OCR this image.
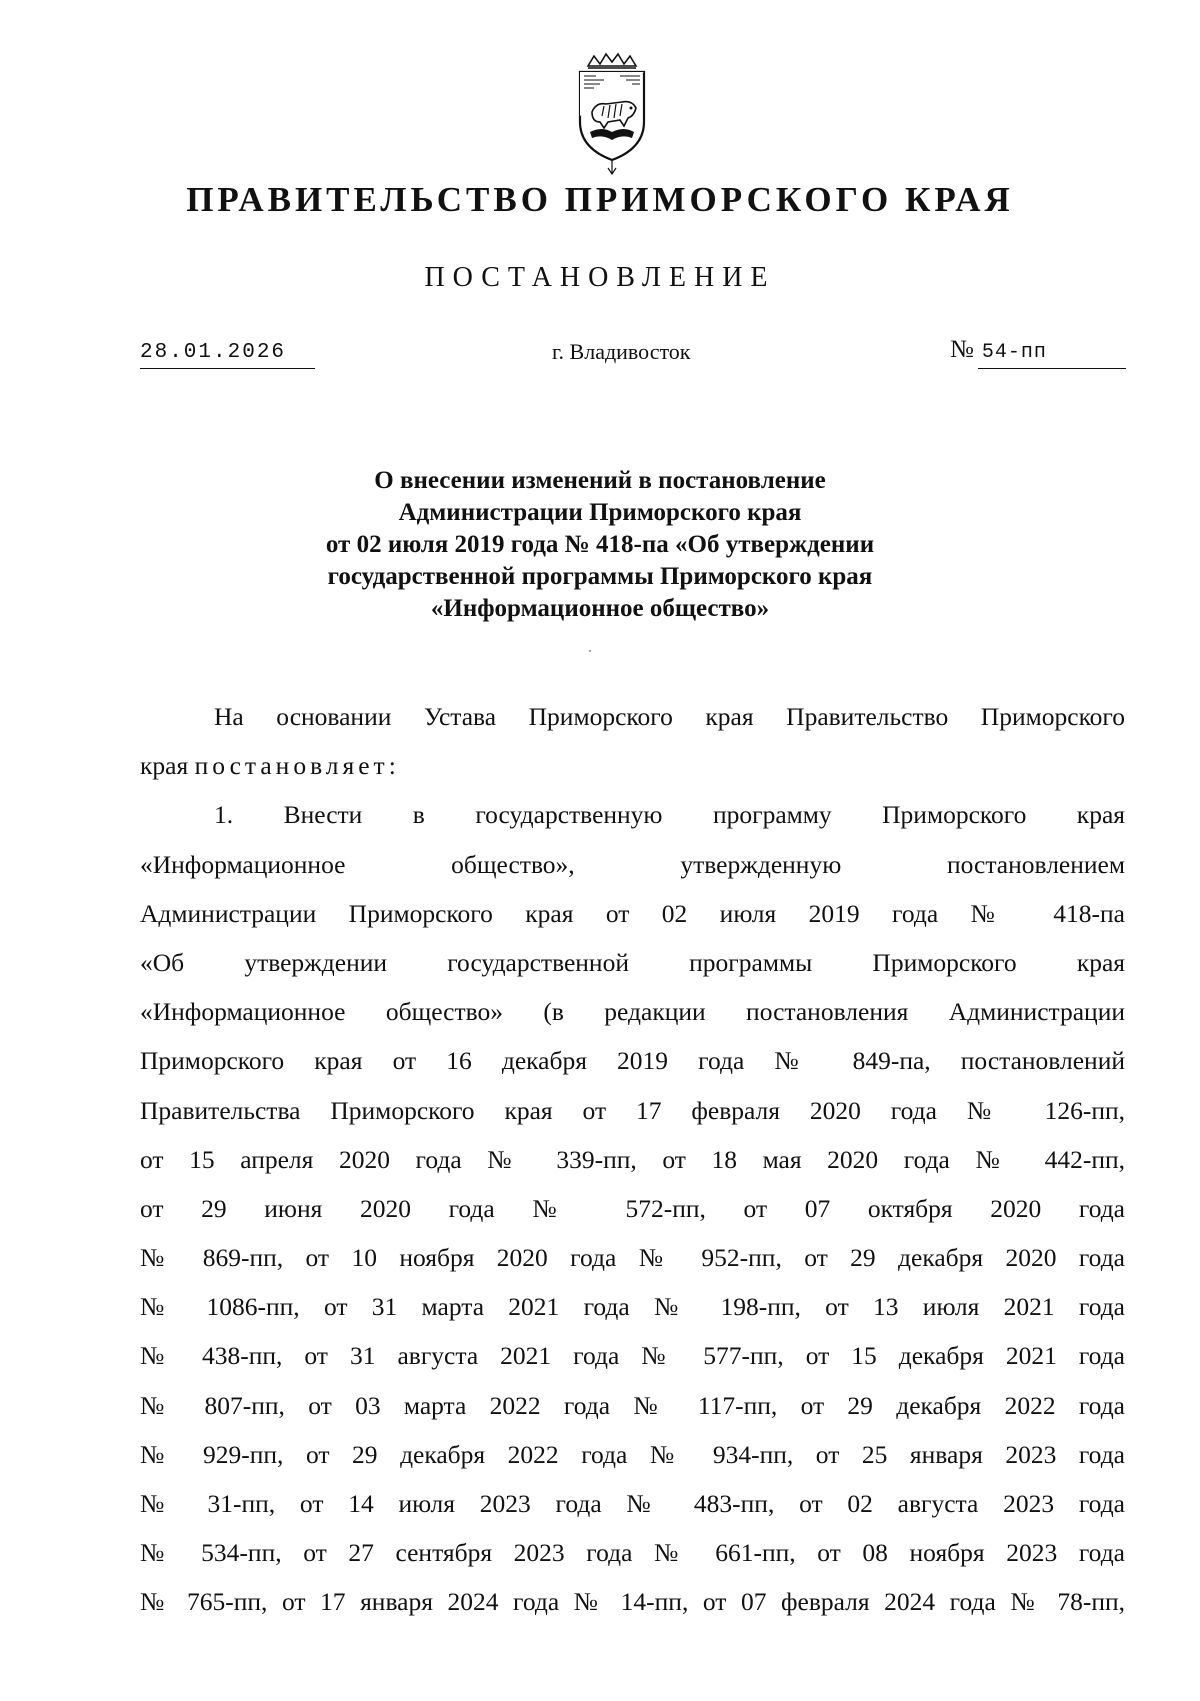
ПРАВИТЕЛЬСТВО ПРИМОРСКОГО КРАЯ
ПОСТАНОВЛЕНИЕ
28.01.2026	г. Владивосток	№ 54-пп
О внесении изменений в постановление
Администрации Приморского края
от 02 июля 2019 года № 418-па «Об утверждении
государственной программы Приморского края
«Информационное общество»
На основании Устава Приморского края Правительство Приморского
края постановляет:
1. Внести в государственную программу Приморского края
«Информационное общество», утвержденную постановлением
Администрации Приморского края от 02 июля 2019 года № 418-па
«Об утверждении государственной программы Приморского края
«Информационное общество» (в редакции постановления Администрации
Приморского края от 16 декабря 2019 года № 849-па, постановлений
Правительства Приморского края от 17 февраля 2020 года № 126-пп,
от 15 апреля 2020 года № 339-пп, от 18 мая 2020 года № 442-пп,
от 29 июня 2020 года № 572-пп, от 07 октября 2020 года
№ 869-пп, от 10 ноября 2020 года № 952-пп, от 29 декабря 2020 года
№ 1086-пп, от 31 марта 2021 года № 198-пп, от 13 июля 2021 года
№ 438-пп, от 31 августа 2021 года № 577-пп, от 15 декабря 2021 года
№ 807-пп, от 03 марта 2022 года № 117-пп, от 29 декабря 2022 года
№ 929-пп, от 29 декабря 2022 года № 934-пп, от 25 января 2023 года
№ 31-пп, от 14 июля 2023 года № 483-пп, от 02 августа 2023 года
№ 534-пп, от 27 сентября 2023 года № 661-пп, от 08 ноября 2023 года
№ 765-пп, от 17 января 2024 года № 14-пп, от 07 февраля 2024 года № 78-пп,
